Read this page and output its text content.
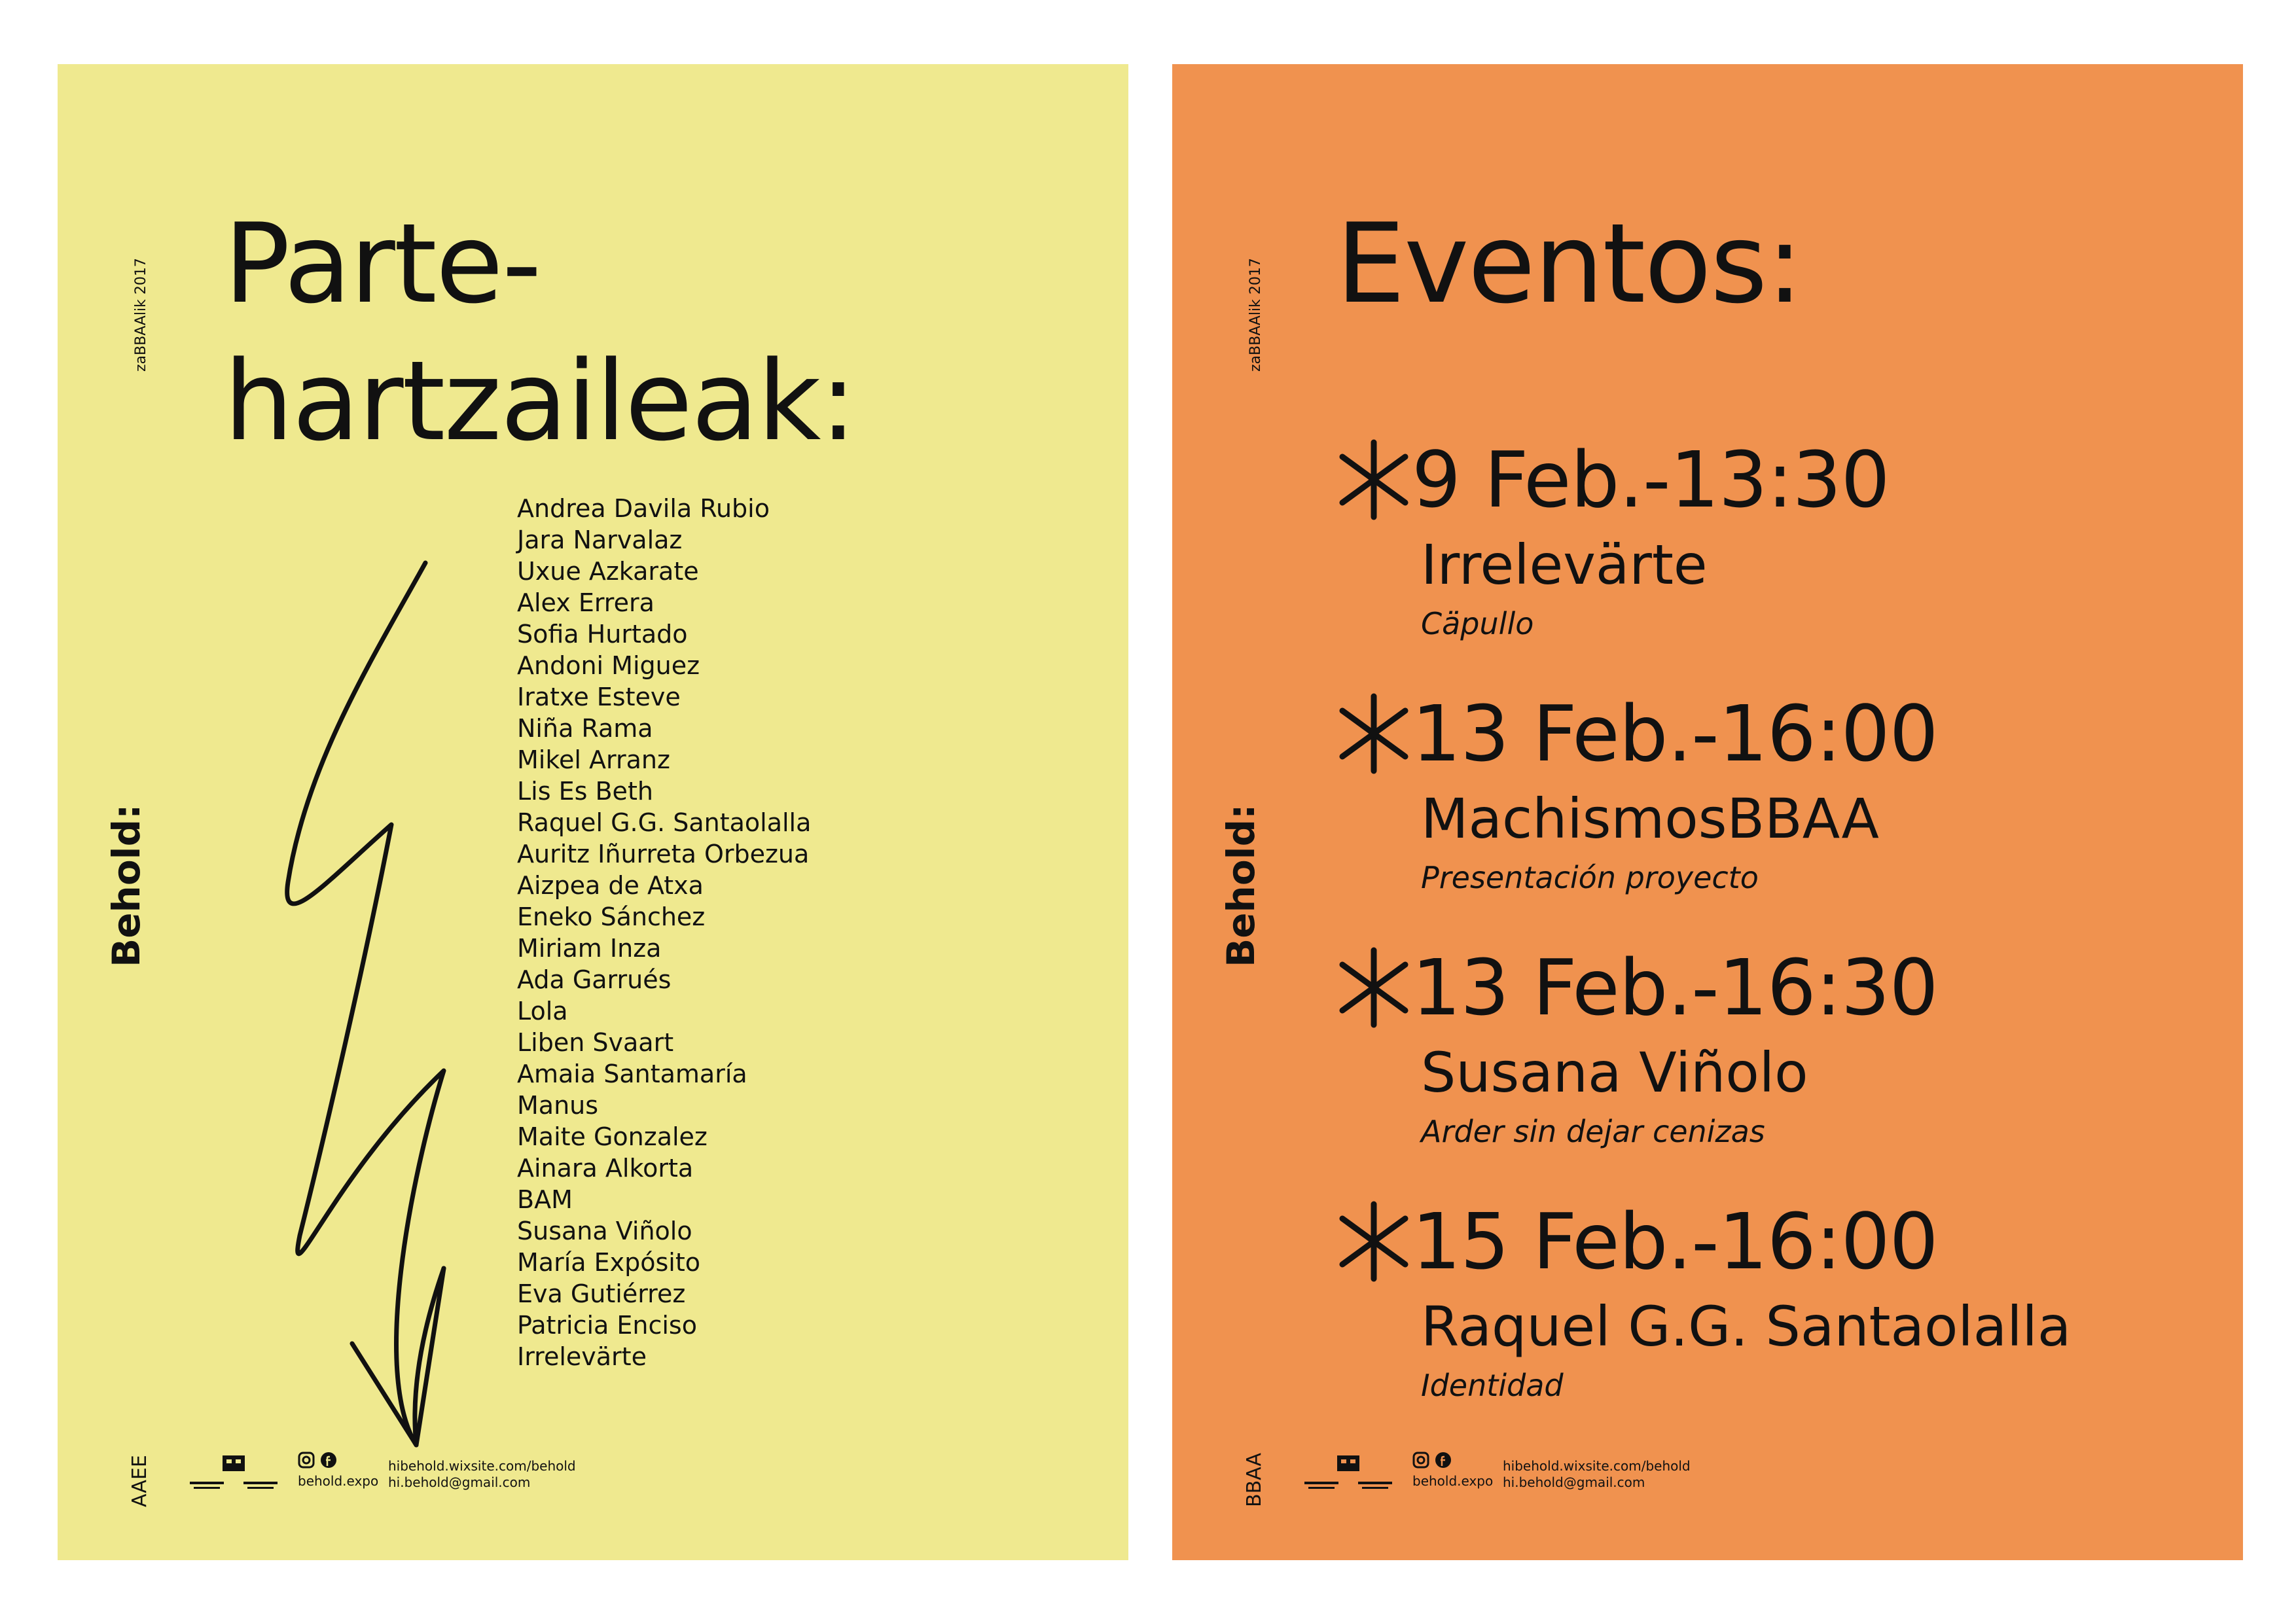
zaBBAAlik 2017
Behold:
AAEE
Parte-
hartzaileak:
Andrea Davila Rubio
Jara Narvalaz
Uxue Azkarate
Alex Errera
Sofia Hurtado
Andoni Miguez
Iratxe Esteve
Niña Rama
Mikel Arranz
Lis Es Beth
Raquel G.G. Santaolalla
Auritz Iñurreta Orbezua
Aizpea de Atxa
Eneko Sánchez
Miriam Inza
Ada Garrués
Lola
Liben Svaart
Amaia Santamaría
Manus
Maite Gonzalez
Ainara Alkorta
BAM
Susana Viñolo
María Expósito
Eva Gutiérrez
Patricia Enciso
Irrelevärte
behold.expo
hibehold.wixsite.com/behold
hi.behold@gmail.com
zaBBAAlik 2017
Behold:
BBAA
Eventos:
9 Feb.-13:30
Irrelevärte
Cäpullo
13 Feb.-16:00
MachismosBBAA
Presentación proyecto
13 Feb.-16:30
Susana Viñolo
Arder sin dejar cenizas
15 Feb.-16:00
Raquel G.G. Santaolalla
Identidad
behold.expo
hibehold.wixsite.com/behold
hi.behold@gmail.com
